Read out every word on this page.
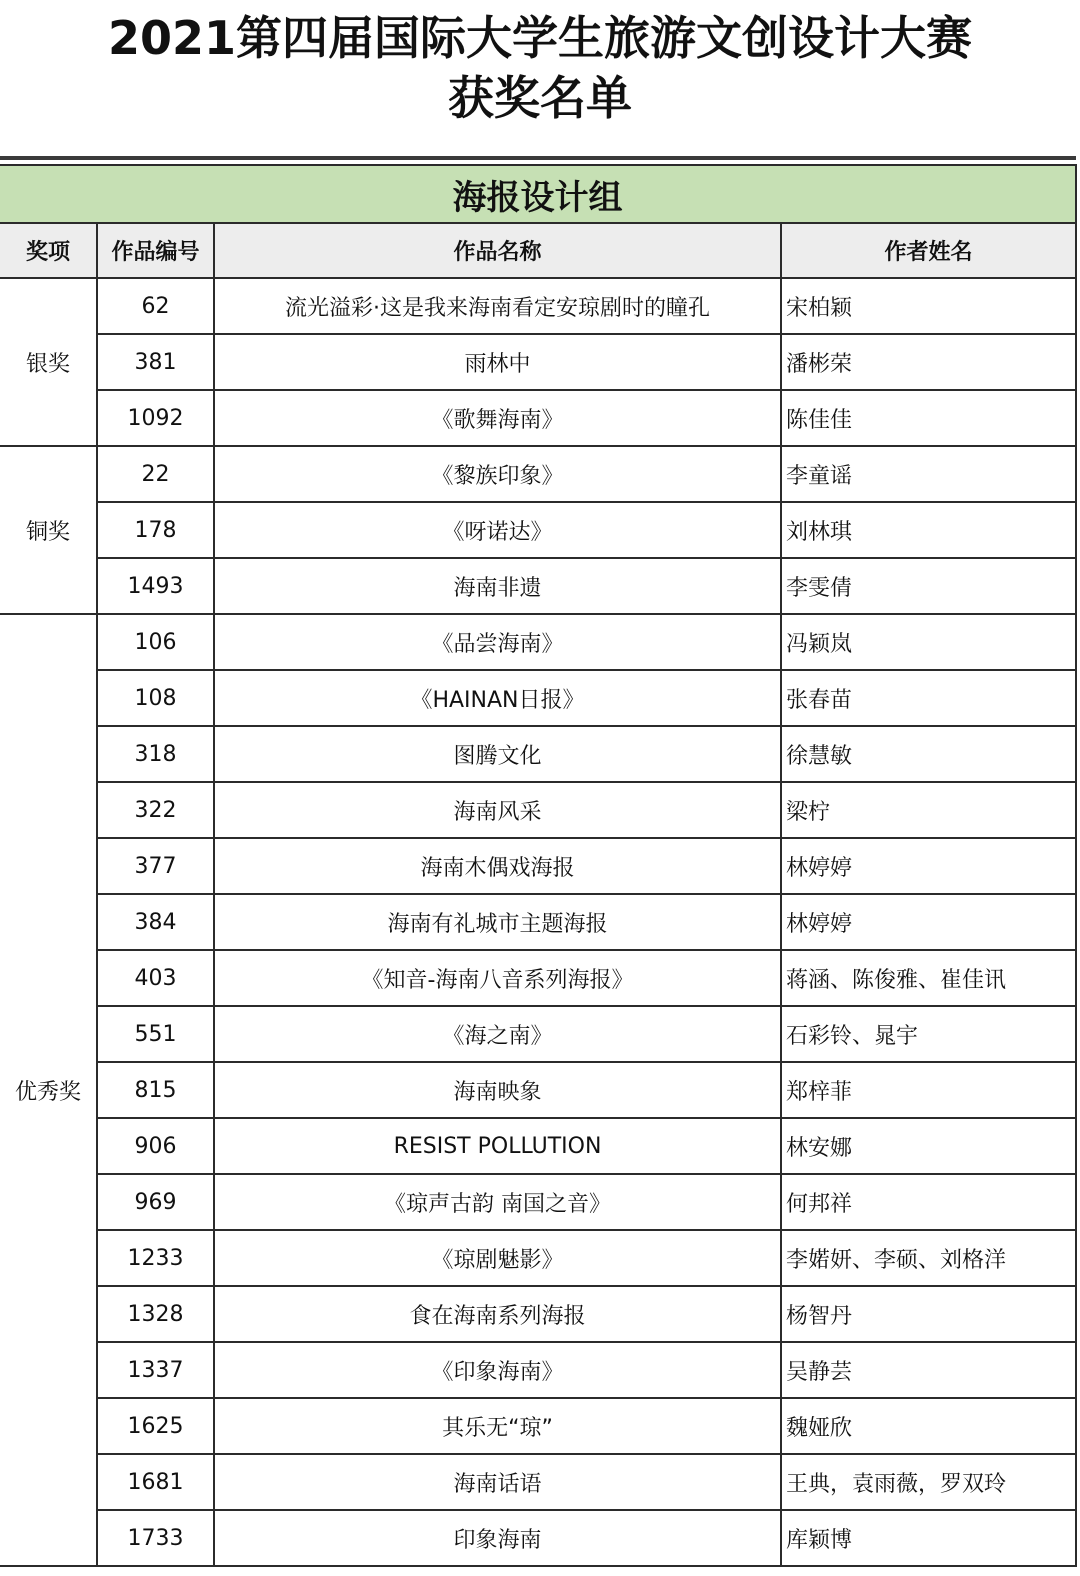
2021第四届国际大学生旅游文创设计大赛
获奖名单
海报设计组			
奖项	作品编号	作品名称	作者姓名
银奖	62	流光溢彩·这是我来海南看定安琼剧时的瞳孔	宋柏颖
	381	雨林中	潘彬荣
	1092	《歌舞海南》	陈佳佳
铜奖	22	《黎族印象》	李童谣
	178	《呀诺达》	刘林琪
	1493	海南非遗	李雯倩
优秀奖	106	《品尝海南》	冯颖岚
	108	《HAINAN日报》	张春苗
	318	图腾文化	徐慧敏
	322	海南风采	梁柠
	377	海南木偶戏海报	林婷婷
	384	海南有礼城市主题海报	林婷婷
	403	《知音-海南八音系列海报》	蒋涵、陈俊雅、崔佳讯
	551	《海之南》	石彩铃、晁宇
	815	海南映象	郑梓菲
	906	RESIST POLLUTION	林安娜
	969	《琼声古韵 南国之音》	何邦祥
	1233	《琼剧魅影》	李婼妍、李硕、刘格洋
	1328	食在海南系列海报	杨智丹
	1337	《印象海南》	吴静芸
	1625	其乐无“琼”	魏娅欣
	1681	海南话语	王典，袁雨薇，罗双玲
	1733	印象海南	库颖博
